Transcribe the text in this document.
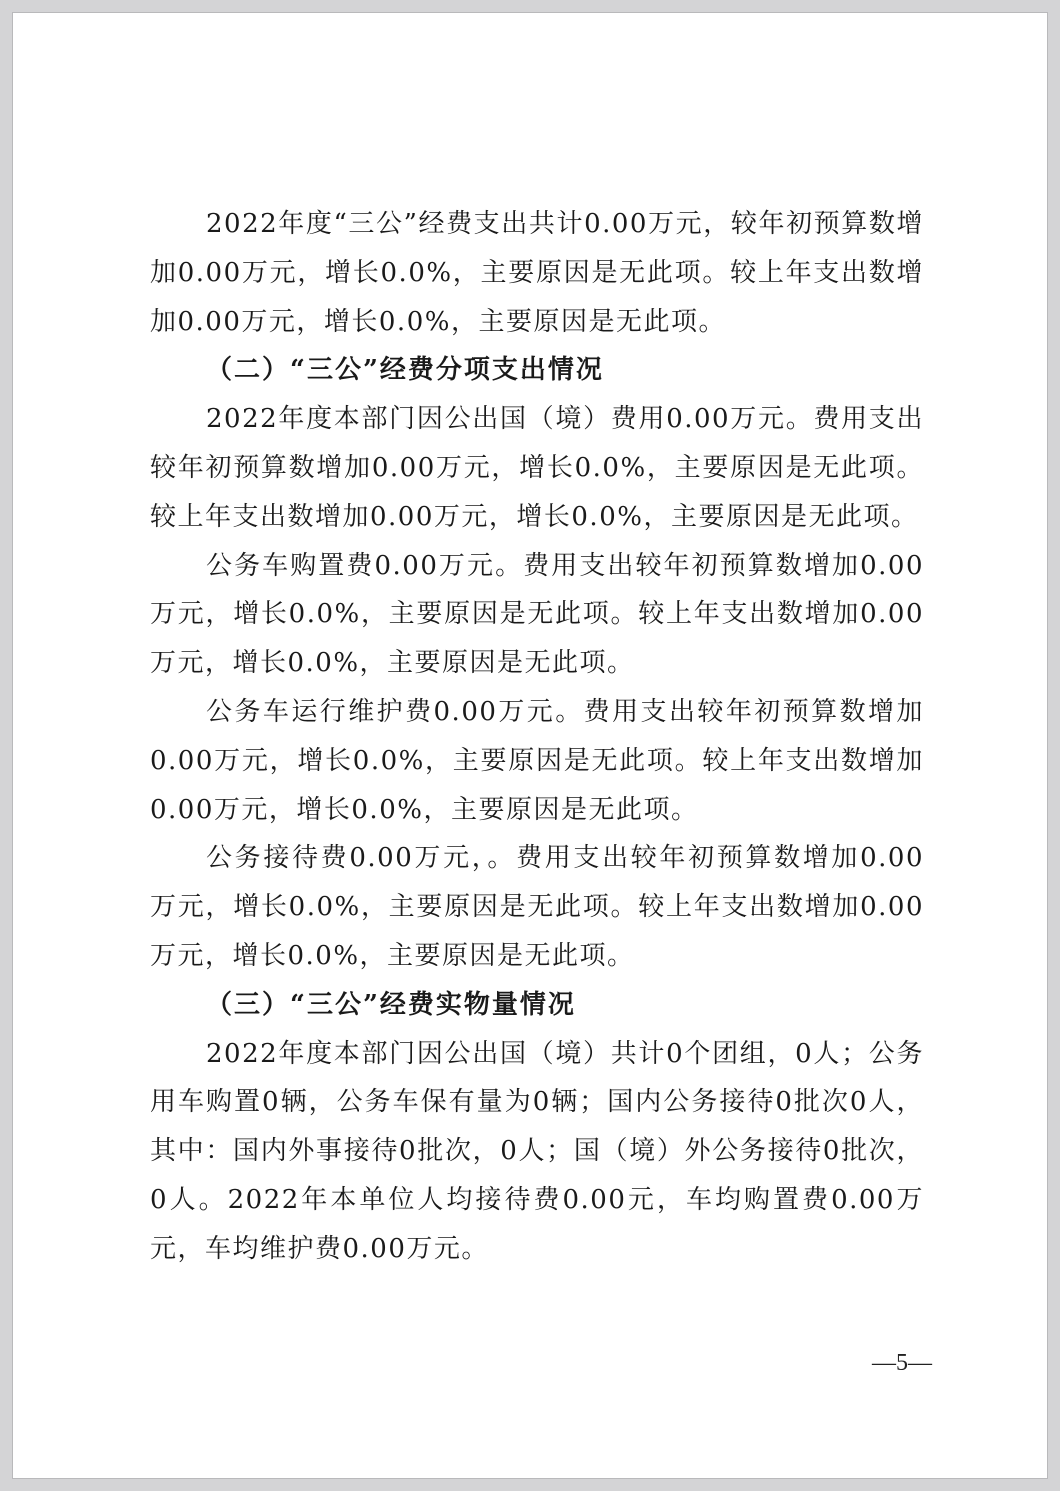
2022年度“三公”经费支出共计0.00万元，较年初预算数增加0.00万元，增长0.0%，主要原因是无此项。较上年支出数增加0.00万元，增长0.0%，主要原因是无此项。

（二）“三公”经费分项支出情况

2022年度本部门因公出国（境）费用0.00万元。费用支出较年初预算数增加0.00万元，增长0.0%，主要原因是无此项。较上年支出数增加0.00万元，增长0.0%，主要原因是无此项。

公务车购置费0.00万元。费用支出较年初预算数增加0.00万元，增长0.0%，主要原因是无此项。较上年支出数增加0.00万元，增长0.0%，主要原因是无此项。

公务车运行维护费0.00万元。费用支出较年初预算数增加0.00万元，增长0.0%，主要原因是无此项。较上年支出数增加0.00万元，增长0.0%，主要原因是无此项。

公务接待费0.00万元，。费用支出较年初预算数增加0.00万元，增长0.0%，主要原因是无此项。较上年支出数增加0.00万元，增长0.0%，主要原因是无此项。

（三）“三公”经费实物量情况

2022年度本部门因公出国（境）共计0个团组，0人；公务用车购置0辆，公务车保有量为0辆；国内公务接待0批次0人，其中：国内外事接待0批次，0人；国（境）外公务接待0批次，0人。2022年本单位人均接待费0.00元，车均购置费0.00万元，车均维护费0.00万元。

—5—
